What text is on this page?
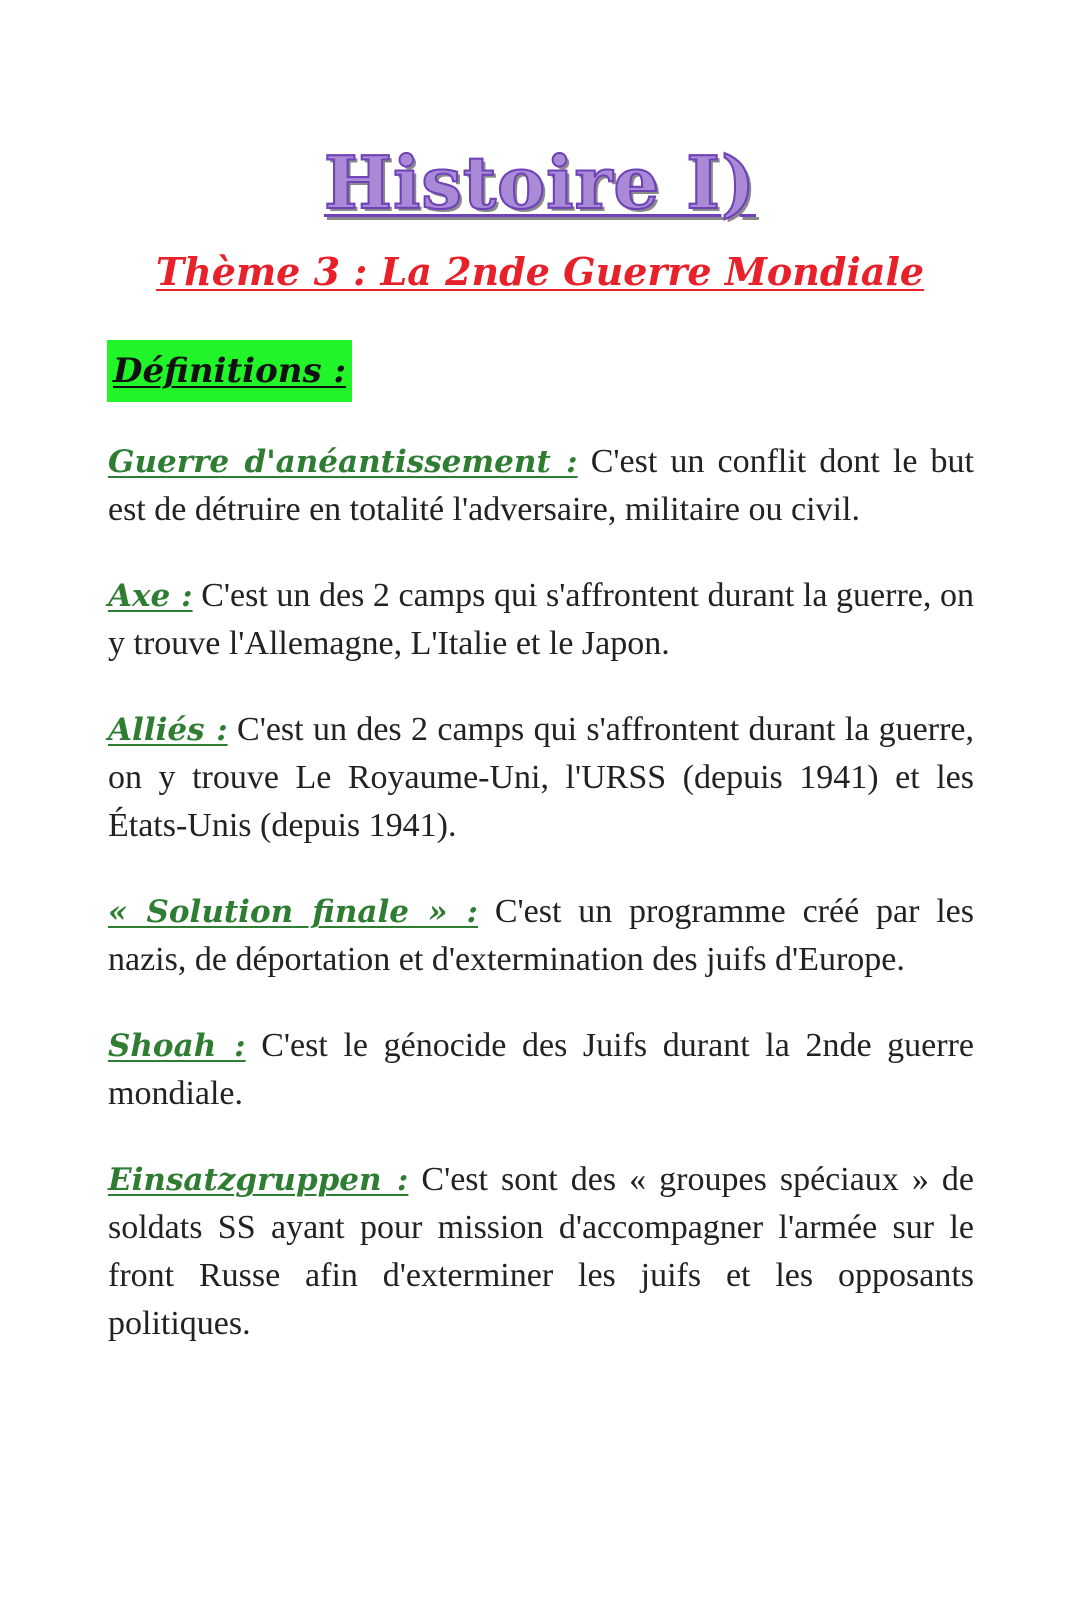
Histoire I)
Thème 3 : La 2nde Guerre Mondiale
Définitions :

Guerre d'anéantissement : C'est un conflit dont le but est de détruire en totalité l'adversaire, militaire ou civil.

Axe : C'est un des 2 camps qui s'affrontent durant la guerre, on y trouve l'Allemagne, L'Italie et le Japon.

Alliés : C'est un des 2 camps qui s'affrontent durant la guerre, on y trouve Le Royaume-Uni, l'URSS (depuis 1941) et les États-Unis (depuis 1941).

« Solution finale » : C'est un programme créé par les nazis, de déportation et d'extermination des juifs d'Europe.

Shoah : C'est le génocide des Juifs durant la 2nde guerre mondiale.

Einsatzgruppen : C'est sont des « groupes spéciaux » de soldats SS ayant pour mission d'accompagner l'armée sur le front Russe afin d'exterminer les juifs et les opposants politiques.
